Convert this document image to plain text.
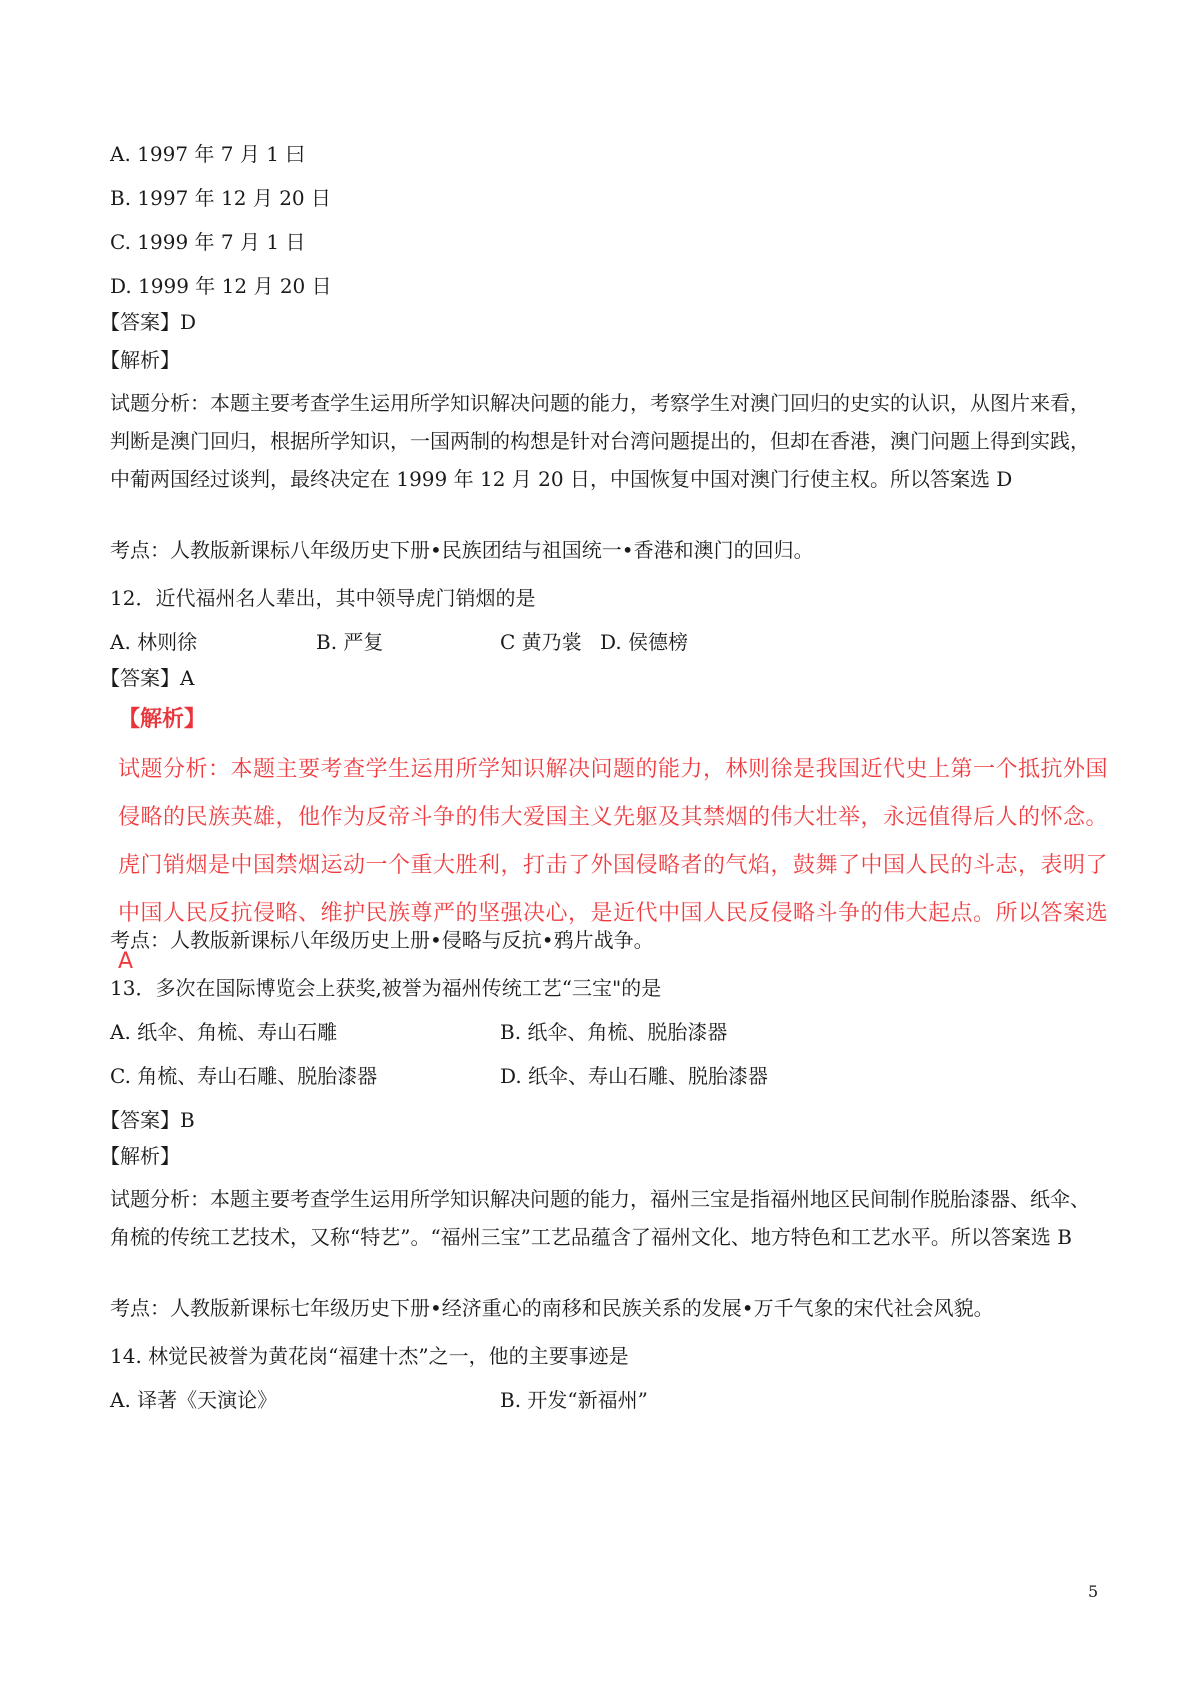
A. 1997 年 7 月 1 曰
B. 1997 年 12 月 20 日
C. 1999 年 7 月 1 日
D. 1999 年 12 月 20 日
【答案】D
【解析】
试题分析：本题主要考查学生运用所学知识解决问题的能力，考察学生对澳门回归的史实的认识，从图片来看，判断是澳门回归，根据所学知识，一国两制的构想是针对台湾问题提出的，但却在香港，澳门问题上得到实践，中葡两国经过谈判，最终决定在 1999 年 12 月 20 日，中国恢复中国对澳门行使主权。所以答案选 D
考点：人教版新课标八年级历史下册•民族团结与祖国统一•香港和澳门的回归。
12．近代福州名人辈出，其中领导虎门销烟的是
A. 林则徐	B. 严复	C 黄乃裳 D. 侯德榜
【答案】A
【解析】
试题分析：本题主要考查学生运用所学知识解决问题的能力，林则徐是我国近代史上第一个抵抗外国侵略的民族英雄，他作为反帝斗争的伟大爱国主义先躯及其禁烟的伟大壮举，永远值得后人的怀念。虎门销烟是中国禁烟运动一个重大胜利，打击了外国侵略者的气焰，鼓舞了中国人民的斗志，表明了中国人民反抗侵略、维护民族尊严的坚强决心，是近代中国人民反侵略斗争的伟大起点。所以答案选 A
考点：人教版新课标八年级历史上册•侵略与反抗•鸦片战争。
13．多次在国际博览会上获奖,被誉为福州传统工艺“三宝"的是
A. 纸伞、角梳、寿山石雕	B. 纸伞、角梳、脱胎漆器
C. 角梳、寿山石雕、脱胎漆器	D. 纸伞、寿山石雕、脱胎漆器
【答案】B
【解析】
试题分析：本题主要考查学生运用所学知识解决问题的能力，福州三宝是指福州地区民间制作脱胎漆器、纸伞、角梳的传统工艺技术，又称“特艺”。“福州三宝”工艺品蕴含了福州文化、地方特色和工艺水平。所以答案选 B
考点：人教版新课标七年级历史下册•经济重心的南移和民族关系的发展•万千气象的宋代社会风貌。
14. 林觉民被誉为黄花岗“福建十杰”之一，他的主要事迹是
A. 译著《天演论》	B. 开发“新福州”
5
